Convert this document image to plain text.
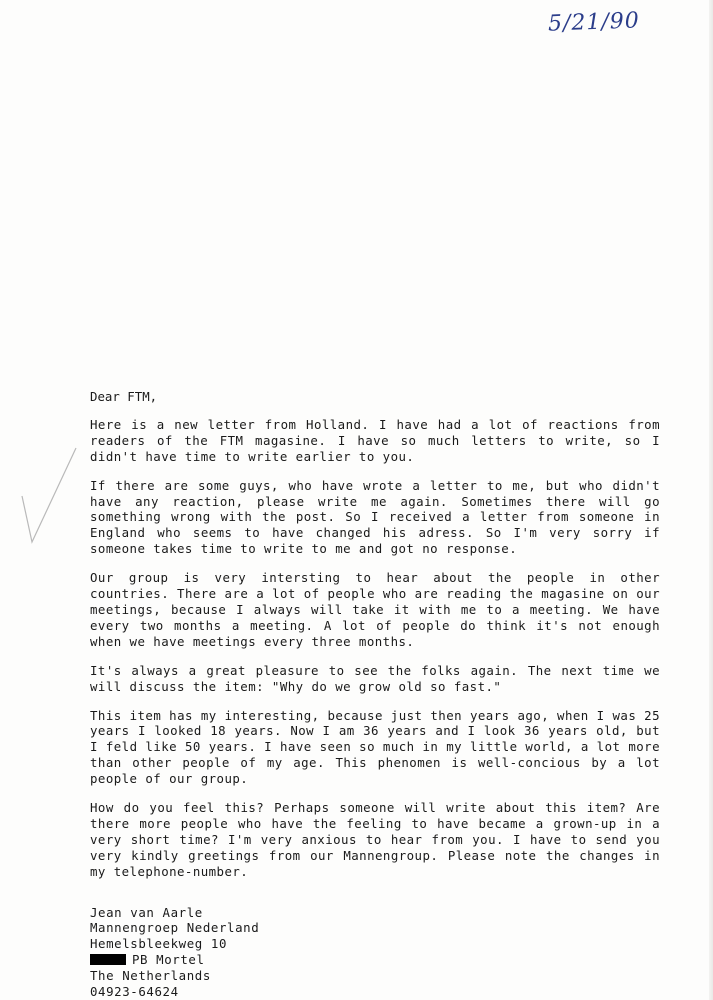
5/21/90
Dear FTM,
Here is a new letter from Holland. I have had a lot of reactions from readers of the FTM magasine. I have so much letters to write, so I didn't have time to write earlier to you.
If there are some guys, who have wrote a letter to me, but who didn't have any reaction, please write me again. Sometimes there will go something wrong with the post. So I received a letter from someone in England who seems to have changed his adress. So I'm very sorry if someone takes time to write to me and got no response.
Our group is very intersting to hear about the people in other countries. There are a lot of people who are reading the magasine on our meetings, because I always will take it with me to a meeting. We have every two months a meeting. A lot of people do think it's not enough when we have meetings every three months.
It's always a great pleasure to see the folks again. The next time we will discuss the item: "Why do we grow old so fast."
This item has my interesting, because just then years ago, when I was 25 years I looked 18 years. Now I am 36 years and I look 36 years old, but I feld like 50 years. I have seen so much in my little world, a lot more than other people of my age. This phenomen is well-concious by a lot people of our group.
How do you feel this? Perhaps someone will write about this item? Are there more people who have the feeling to have became a grown-up in a very short time? I'm very anxious to hear from you. I have to send you very kindly greetings from our Mannengroup. Please note the changes in my telephone-number.
Jean van Aarle
Mannengroep Nederland
Hemelsbleekweg 10
PB Mortel
The Netherlands
04923-64624
